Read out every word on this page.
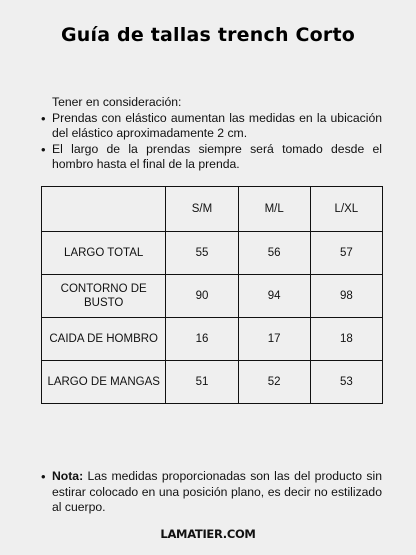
Guía de tallas trench Corto
Tener en consideración:
• Prendas con elástico aumentan las medidas en la ubicación del elástico aproximadamente 2 cm.
• El largo de la prendas siempre será tomado desde el hombro hasta el final de la prenda.
	S/M	M/L	L/XL
LARGO TOTAL	55	56	57
CONTORNO DE BUSTO	90	94	98
CAIDA DE HOMBRO	16	17	18
LARGO DE MANGAS	51	52	53
• Nota: Las medidas proporcionadas son las del producto sin estirar colocado en una posición plano, es decir no estilizado al cuerpo.
LAMATIER.COM
